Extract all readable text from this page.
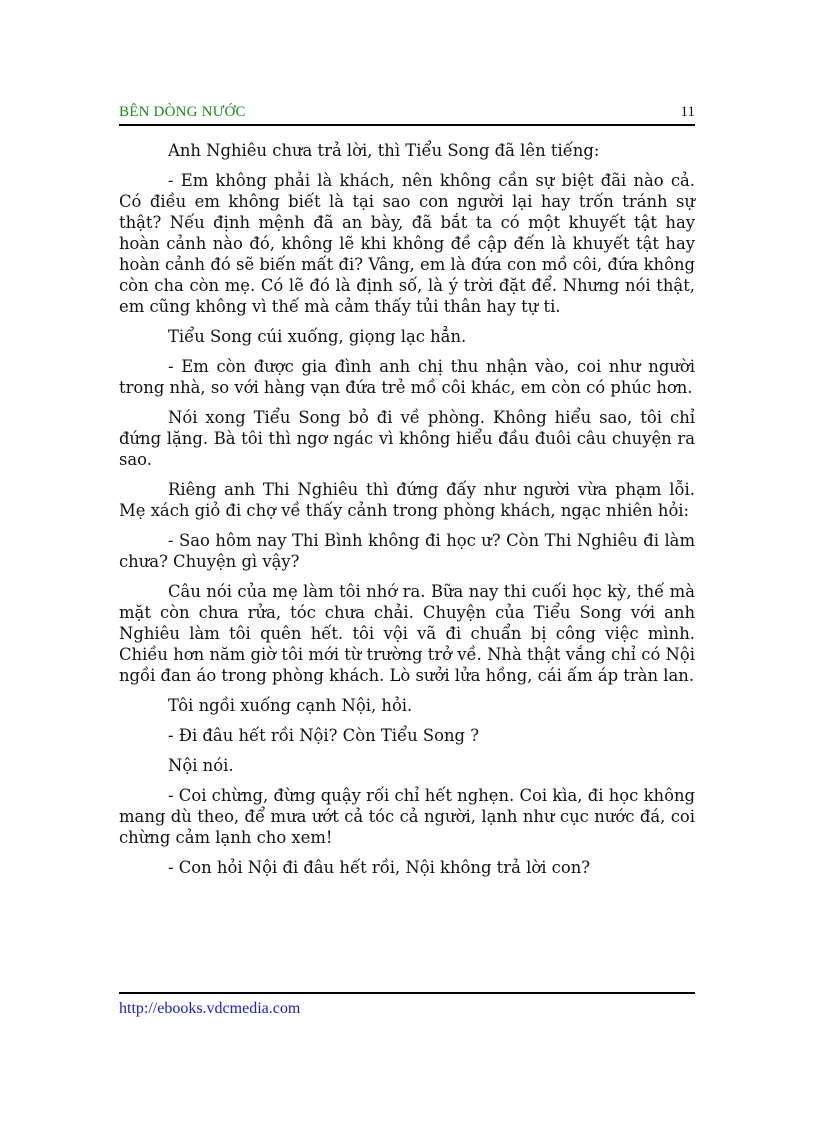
BÊN DÒNG NƯỚC	11

Anh Nghiêu chưa trả lời, thì Tiểu Song đã lên tiếng:

- Em không phải là khách, nên không cần sự biệt đãi nào cả. Có điều em không biết là tại sao con người lại hay trốn tránh sự thật? Nếu định mệnh đã an bày, đã bắt ta có một khuyết tật hay hoàn cảnh nào đó, không lẽ khi không đề cập đến là khuyết tật hay hoàn cảnh đó sẽ biến mất đi? Vâng, em là đứa con mồ côi, đứa không còn cha còn mẹ. Có lẽ đó là định số, là ý trời đặt để. Nhưng nói thật, em cũng không vì thế mà cảm thấy tủi thân hay tự ti.

Tiểu Song cúi xuống, giọng lạc hẳn.

- Em còn được gia đình anh chị thu nhận vào, coi như người trong nhà, so với hàng vạn đứa trẻ mồ côi khác, em còn có phúc hơn.

Nói xong Tiểu Song bỏ đi về phòng. Không hiểu sao, tôi chỉ đứng lặng. Bà tôi thì ngơ ngác vì không hiểu đầu đuôi câu chuyện ra sao.

Riêng anh Thi Nghiêu thì đứng đấy như người vừa phạm lỗi. Mẹ xách giỏ đi chợ về thấy cảnh trong phòng khách, ngạc nhiên hỏi:

- Sao hôm nay Thi Bình không đi học ư? Còn Thi Nghiêu đi làm chưa? Chuyện gì vậy?

Câu nói của mẹ làm tôi nhớ ra. Bữa nay thi cuối học kỳ, thế mà mặt còn chưa rửa, tóc chưa chải. Chuyện của Tiểu Song với anh Nghiêu làm tôi quên hết. tôi vội vã đi chuẩn bị công việc mình. Chiều hơn năm giờ tôi mới từ trường trở về. Nhà thật vắng chỉ có Nội ngồi đan áo trong phòng khách. Lò sưởi lửa hồng, cái ấm áp tràn lan.

Tôi ngồi xuống cạnh Nội, hỏi.

- Đi đâu hết rồi Nội? Còn Tiểu Song ?

Nội nói.

- Coi chừng, đừng quậy rối chỉ hết nghẹn. Coi kìa, đi học không mang dù theo, để mưa ướt cả tóc cả người, lạnh như cục nước đá, coi chừng cảm lạnh cho xem!

- Con hỏi Nội đi đâu hết rồi, Nội không trả lời con?

http://ebooks.vdcmedia.com
